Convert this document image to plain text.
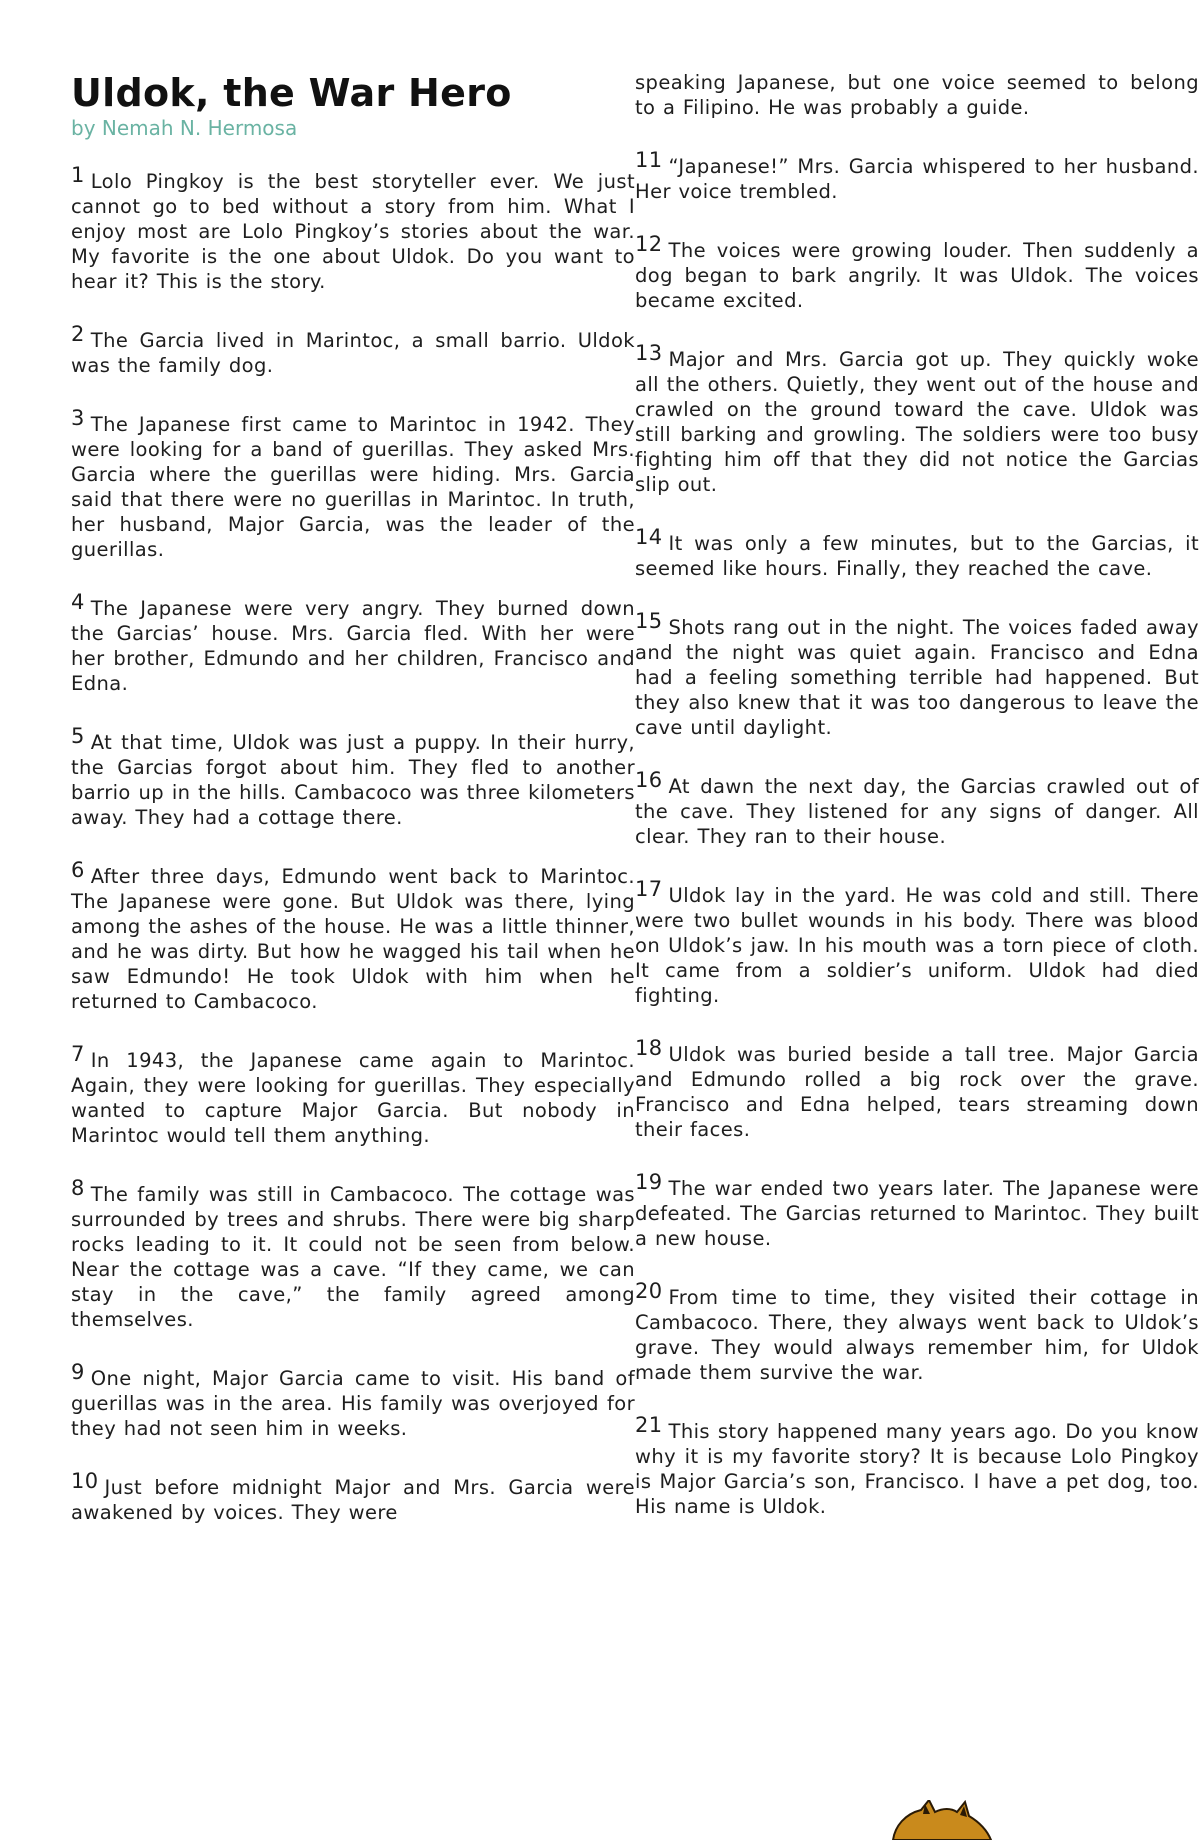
Uldok, the War Hero

by Nemah N. Hermosa

1 Lolo Pingkoy is the best storyteller ever. We just cannot go to bed without a story from him. What I enjoy most are Lolo Pingkoy’s stories about the war. My favorite is the one about Uldok. Do you want to hear it? This is the story.

2 The Garcia lived in Marintoc, a small barrio. Uldok was the family dog.

3 The Japanese first came to Marintoc in 1942. They were looking for a band of guerillas. They asked Mrs. Garcia where the guerillas were hiding. Mrs. Garcia said that there were no guerillas in Marintoc. In truth, her husband, Major Garcia, was the leader of the guerillas.

4 The Japanese were very angry. They burned down the Garcias’ house. Mrs. Garcia fled. With her were her brother, Edmundo and her children, Francisco and Edna.

5 At that time, Uldok was just a puppy. In their hurry, the Garcias forgot about him. They fled to another barrio up in the hills. Cambacoco was three kilometers away. They had a cottage there.

6 After three days, Edmundo went back to Marintoc. The Japanese were gone. But Uldok was there, lying among the ashes of the house. He was a little thinner, and he was dirty. But how he wagged his tail when he saw Edmundo! He took Uldok with him when he returned to Cambacoco.

7 In 1943, the Japanese came again to Marintoc. Again, they were looking for guerillas. They especially wanted to capture Major Garcia. But nobody in Marintoc would tell them anything.

8 The family was still in Cambacoco. The cottage was surrounded by trees and shrubs. There were big sharp rocks leading to it. It could not be seen from below. Near the cottage was a cave. “If they came, we can stay in the cave,” the family agreed among themselves.

9 One night, Major Garcia came to visit. His band of guerillas was in the area. His family was overjoyed for they had not seen him in weeks.

10 Just before midnight Major and Mrs. Garcia were awakened by voices. They were

speaking Japanese, but one voice seemed to belong to a Filipino. He was probably a guide.

11 “Japanese!” Mrs. Garcia whispered to her husband. Her voice trembled.

12 The voices were growing louder. Then suddenly a dog began to bark angrily. It was Uldok. The voices became excited.

13 Major and Mrs. Garcia got up. They quickly woke all the others. Quietly, they went out of the house and crawled on the ground toward the cave. Uldok was still barking and growling. The soldiers were too busy fighting him off that they did not notice the Garcias slip out.

14 It was only a few minutes, but to the Garcias, it seemed like hours. Finally, they reached the cave.

15 Shots rang out in the night. The voices faded away and the night was quiet again. Francisco and Edna had a feeling something terrible had happened. But they also knew that it was too dangerous to leave the cave until daylight.

16 At dawn the next day, the Garcias crawled out of the cave. They listened for any signs of danger. All clear. They ran to their house.

17 Uldok lay in the yard. He was cold and still. There were two bullet wounds in his body. There was blood on Uldok’s jaw. In his mouth was a torn piece of cloth. It came from a soldier’s uniform. Uldok had died fighting.

18 Uldok was buried beside a tall tree. Major Garcia and Edmundo rolled a big rock over the grave. Francisco and Edna helped, tears streaming down their faces.

19 The war ended two years later. The Japanese were defeated. The Garcias returned to Marintoc. They built a new house.

20 From time to time, they visited their cottage in Cambacoco. There, they always went back to Uldok’s grave. They would always remember him, for Uldok made them survive the war.

21 This story happened many years ago. Do you know why it is my favorite story? It is because Lolo Pingkoy is Major Garcia’s son, Francisco. I have a pet dog, too. His name is Uldok.
